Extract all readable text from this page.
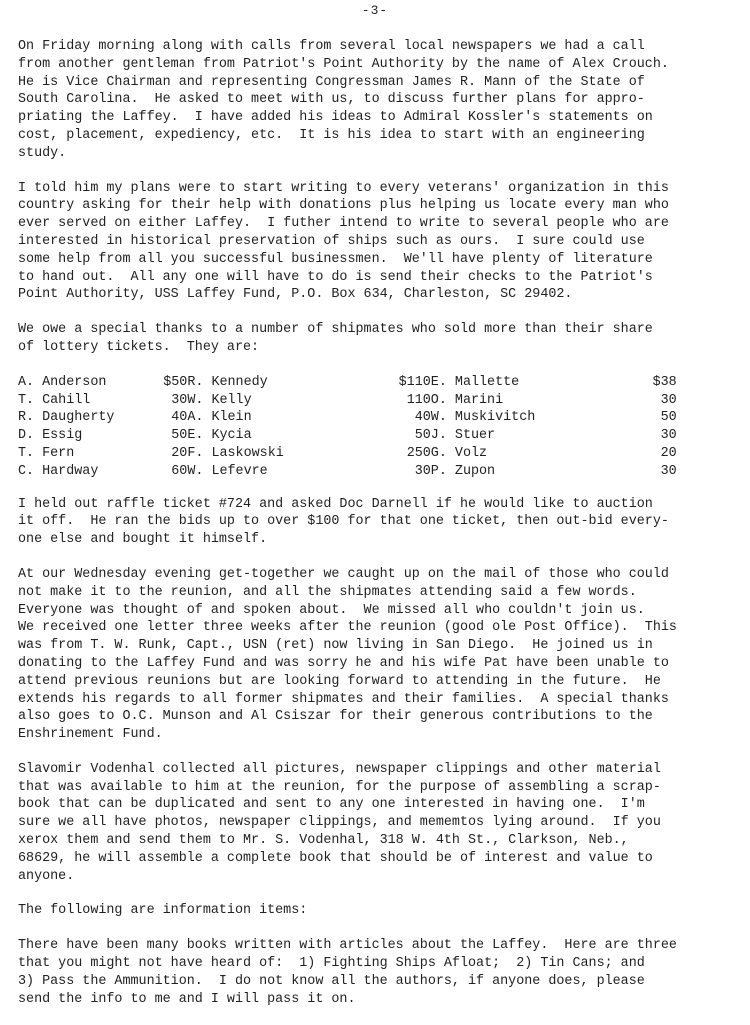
-3-

On Friday morning along with calls from several local newspapers we had a call
from another gentleman from Patriot's Point Authority by the name of Alex Crouch.
He is Vice Chairman and representing Congressman James R. Mann of the State of
South Carolina.  He asked to meet with us, to discuss further plans for appro-
priating the Laffey.  I have added his ideas to Admiral Kossler's statements on
cost, placement, expediency, etc.  It is his idea to start with an engineering
study.

I told him my plans were to start writing to every veterans' organization in this
country asking for their help with donations plus helping us locate every man who
ever served on either Laffey.  I futher intend to write to several people who are
interested in historical preservation of ships such as ours.  I sure could use
some help from all you successful businessmen.  We'll have plenty of literature
to hand out.  All any one will have to do is send their checks to the Patriot's
Point Authority, USS Laffey Fund, P.O. Box 634, Charleston, SC 29402.

We owe a special thanks to a number of shipmates who sold more than their share
of lottery tickets.  They are:

A. Anderson	$50	R. Kennedy	$110	E. Mallette	$38
T. Cahill	30	W. Kelly	110	O. Marini	30
R. Daugherty	40	A. Klein	40	W. Muskivitch	50
D. Essig	50	E. Kycia	50	J. Stuer	30
T. Fern	20	F. Laskowski	250	G. Volz	20
C. Hardway	60	W. Lefevre	30	P. Zupon	30

I held out raffle ticket #724 and asked Doc Darnell if he would like to auction
it off.  He ran the bids up to over $100 for that one ticket, then out-bid every-
one else and bought it himself.

At our Wednesday evening get-together we caught up on the mail of those who could
not make it to the reunion, and all the shipmates attending said a few words.
Everyone was thought of and spoken about.  We missed all who couldn't join us.
We received one letter three weeks after the reunion (good ole Post Office).  This
was from T. W. Runk, Capt., USN (ret) now living in San Diego.  He joined us in
donating to the Laffey Fund and was sorry he and his wife Pat have been unable to
attend previous reunions but are looking forward to attending in the future.  He
extends his regards to all former shipmates and their families.  A special thanks
also goes to O.C. Munson and Al Csiszar for their generous contributions to the
Enshrinement Fund.

Slavomir Vodenhal collected all pictures, newspaper clippings and other material
that was available to him at the reunion, for the purpose of assembling a scrap-
book that can be duplicated and sent to any one interested in having one.  I'm
sure we all have photos, newspaper clippings, and mememtos lying around.  If you
xerox them and send them to Mr. S. Vodenhal, 318 W. 4th St., Clarkson, Neb.,
68629, he will assemble a complete book that should be of interest and value to
anyone.

The following are information items:

There have been many books written with articles about the Laffey.  Here are three
that you might not have heard of:  1) Fighting Ships Afloat;  2) Tin Cans; and
3) Pass the Ammunition.  I do not know all the authors, if anyone does, please
send the info to me and I will pass it on.
